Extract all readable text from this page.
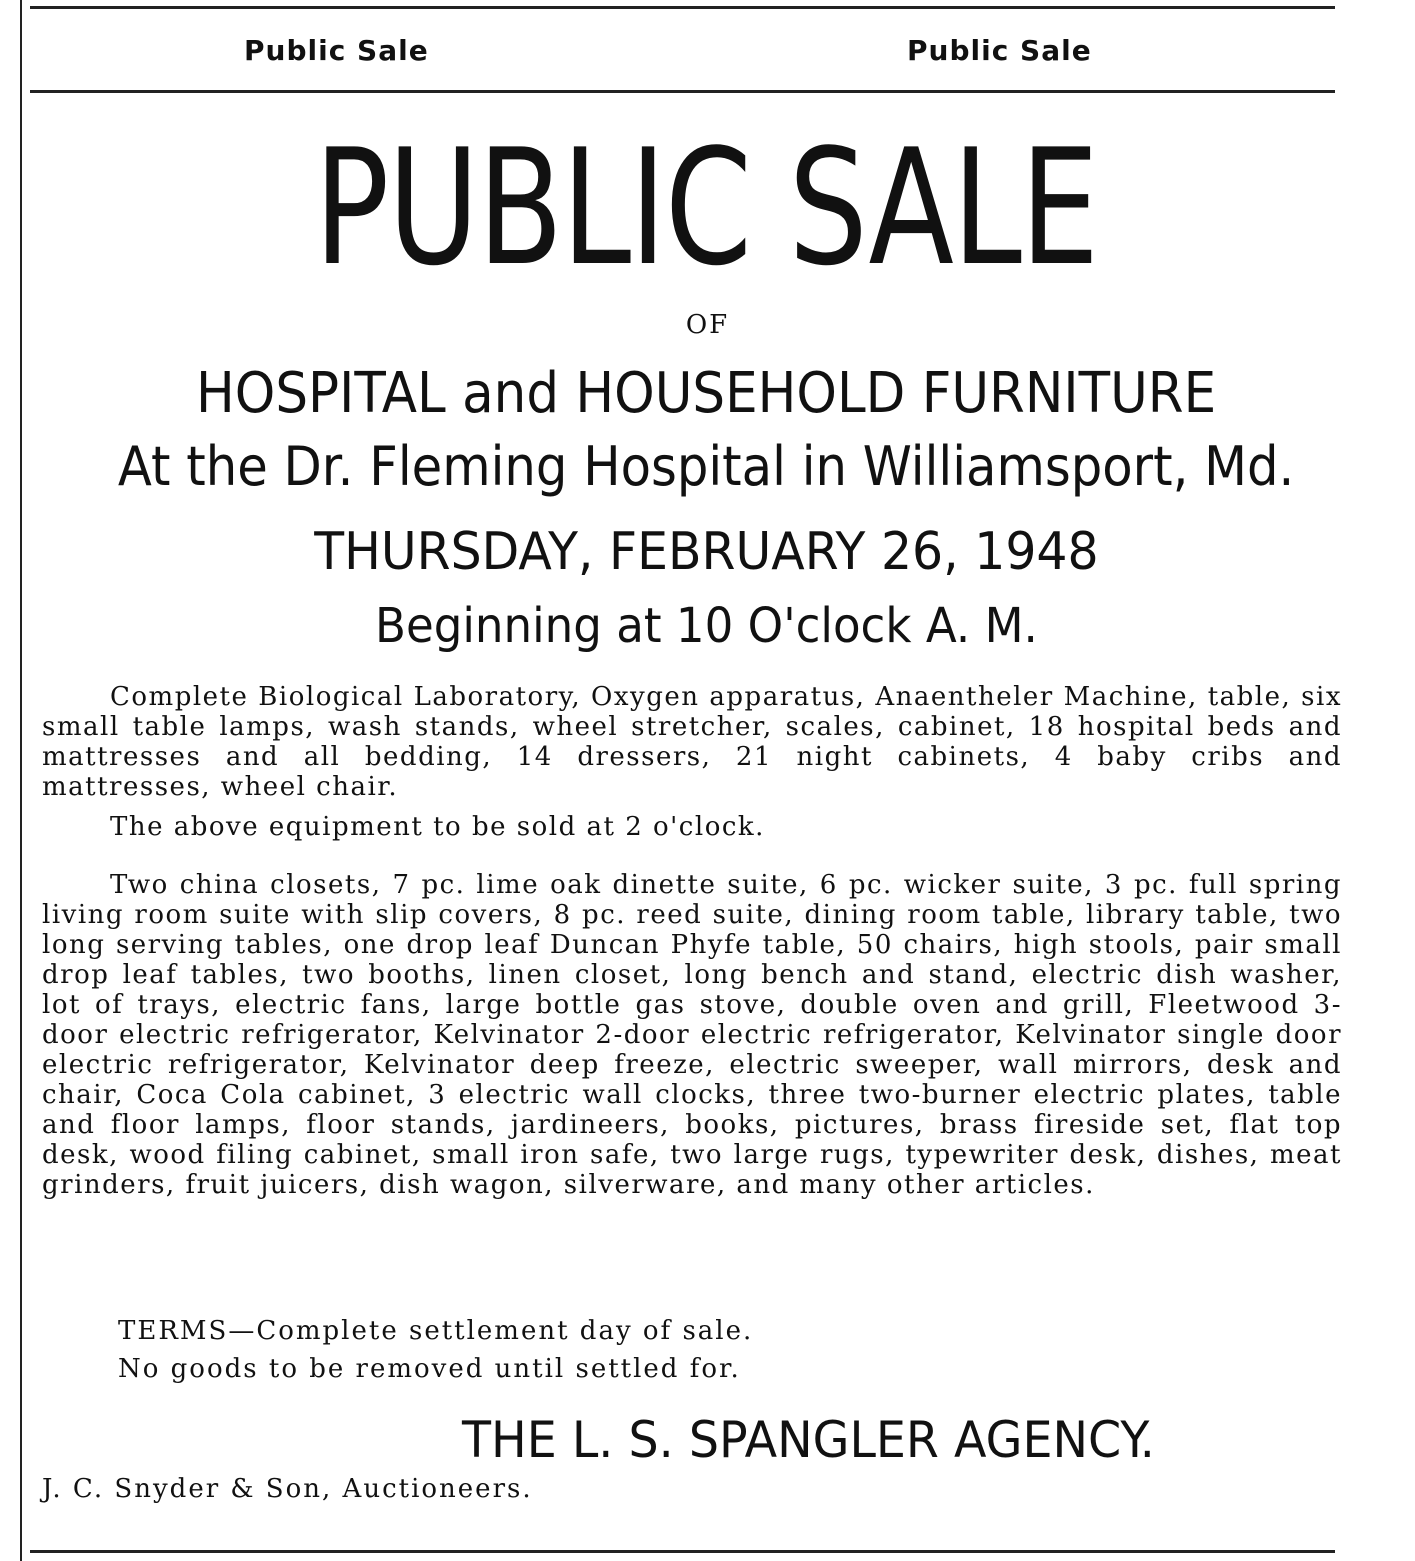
Public Sale	Public Sale
PUBLIC SALE
OF
HOSPITAL and HOUSEHOLD FURNITURE
At the Dr. Fleming Hospital in Williamsport, Md.
THURSDAY, FEBRUARY 26, 1948
Beginning at 10 O'clock A. M.
Complete Biological Laboratory, Oxygen apparatus, Anaentheler Machine, table, six small table lamps, wash stands, wheel stretcher, scales, cabinet, 18 hospital beds and mattresses and all bedding, 14 dressers, 21 night cabinets, 4 baby cribs and mattresses, wheel chair.
The above equipment to be sold at 2 o'clock.
Two china closets, 7 pc. lime oak dinette suite, 6 pc. wicker suite, 3 pc. full spring living room suite with slip covers, 8 pc. reed suite, dining room table, library table, two long serving tables, one drop leaf Duncan Phyfe table, 50 chairs, high stools, pair small drop leaf tables, two booths, linen closet, long bench and stand, electric dish washer, lot of trays, electric fans, large bottle gas stove, double oven and grill, Fleetwood 3-door electric refrigerator, Kelvinator 2-door electric refrigerator, Kelvinator single door electric refrigerator, Kelvinator deep freeze, electric sweeper, wall mirrors, desk and chair, Coca Cola cabinet, 3 electric wall clocks, three two-burner electric plates, table and floor lamps, floor stands, jardineers, books, pictures, brass fireside set, flat top desk, wood filing cabinet, small iron safe, two large rugs, typewriter desk, dishes, meat grinders, fruit juicers, dish wagon, silverware, and many other articles.
TERMS—Complete settlement day of sale.
No goods to be removed until settled for.
THE L. S. SPANGLER AGENCY.
J. C. Snyder & Son, Auctioneers.
